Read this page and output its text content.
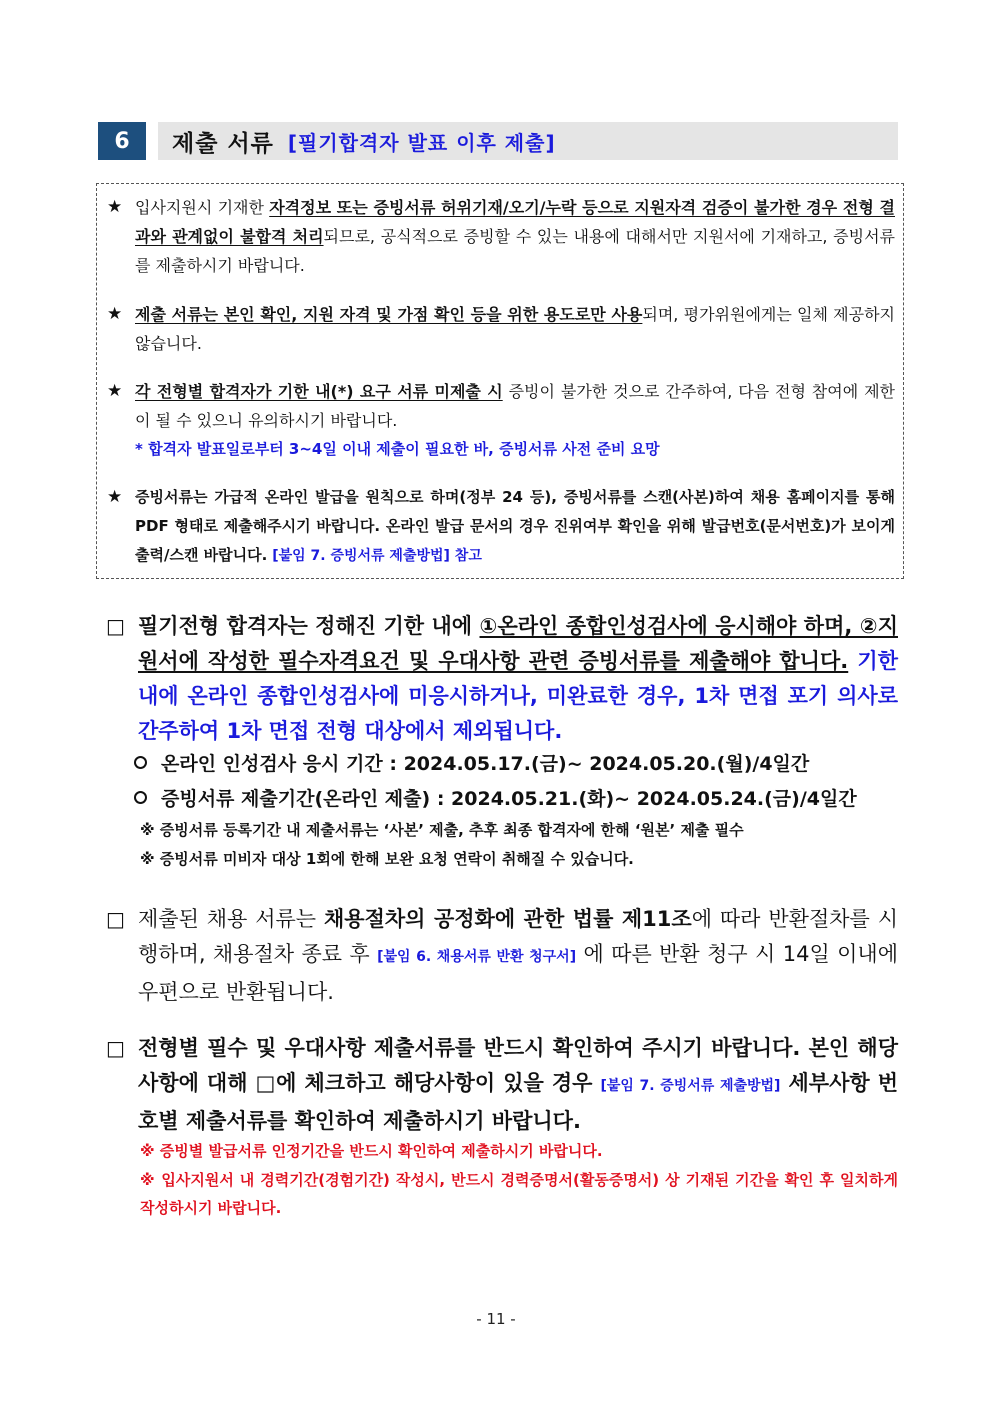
6	제출 서류 [필기합격자 발표 이후 제출]
★ 입사지원시 기재한 자격정보 또는 증빙서류 허위기재/오기/누락 등으로 지원자격 검증이 불가한 경우 전형 결과와 관계없이 불합격 처리되므로, 공식적으로 증빙할 수 있는 내용에 대해서만 지원서에 기재하고, 증빙서류를 제출하시기 바랍니다.
★ 제출 서류는 본인 확인, 지원 자격 및 가점 확인 등을 위한 용도로만 사용되며, 평가위원에게는 일체 제공하지 않습니다.
★ 각 전형별 합격자가 기한 내(*) 요구 서류 미제출 시 증빙이 불가한 것으로 간주하여, 다음 전형 참여에 제한이 될 수 있으니 유의하시기 바랍니다.
* 합격자 발표일로부터 3~4일 이내 제출이 필요한 바, 증빙서류 사전 준비 요망
★ 증빙서류는 가급적 온라인 발급을 원칙으로 하며(정부 24 등), 증빙서류를 스캔(사본)하여 채용 홈페이지를 통해 PDF 형태로 제출해주시기 바랍니다. 온라인 발급 문서의 경우 진위여부 확인을 위해 발급번호(문서번호)가 보이게 출력/스캔 바랍니다. [붙임 7. 증빙서류 제출방법] 참고
□ 필기전형 합격자는 정해진 기한 내에 ①온라인 종합인성검사에 응시해야 하며, ②지원서에 작성한 필수자격요건 및 우대사항 관련 증빙서류를 제출해야 합니다. 기한 내에 온라인 종합인성검사에 미응시하거나, 미완료한 경우, 1차 면접 포기 의사로 간주하여 1차 면접 전형 대상에서 제외됩니다.
온라인 인성검사 응시 기간 : 2024.05.17.(금)~ 2024.05.20.(월)/4일간
증빙서류 제출기간(온라인 제출) : 2024.05.21.(화)~ 2024.05.24.(금)/4일간
※ 증빙서류 등록기간 내 제출서류는 ‘사본’ 제출, 추후 최종 합격자에 한해 ‘원본’ 제출 필수
※ 증빙서류 미비자 대상 1회에 한해 보완 요청 연락이 취해질 수 있습니다.
□ 제출된 채용 서류는 채용절차의 공정화에 관한 법률 제11조에 따라 반환절차를 시행하며, 채용절차 종료 후 [붙임 6. 채용서류 반환 청구서] 에 따른 반환 청구 시 14일 이내에 우편으로 반환됩니다.
□ 전형별 필수 및 우대사항 제출서류를 반드시 확인하여 주시기 바랍니다. 본인 해당 사항에 대해 □에 체크하고 해당사항이 있을 경우 [붙임 7. 증빙서류 제출방법] 세부사항 번호별 제출서류를 확인하여 제출하시기 바랍니다.
※ 증빙별 발급서류 인정기간을 반드시 확인하여 제출하시기 바랍니다.
※ 입사지원서 내 경력기간(경험기간) 작성시, 반드시 경력증명서(활동증명서) 상 기재된 기간을 확인 후 일치하게 작성하시기 바랍니다.
- 11 -
